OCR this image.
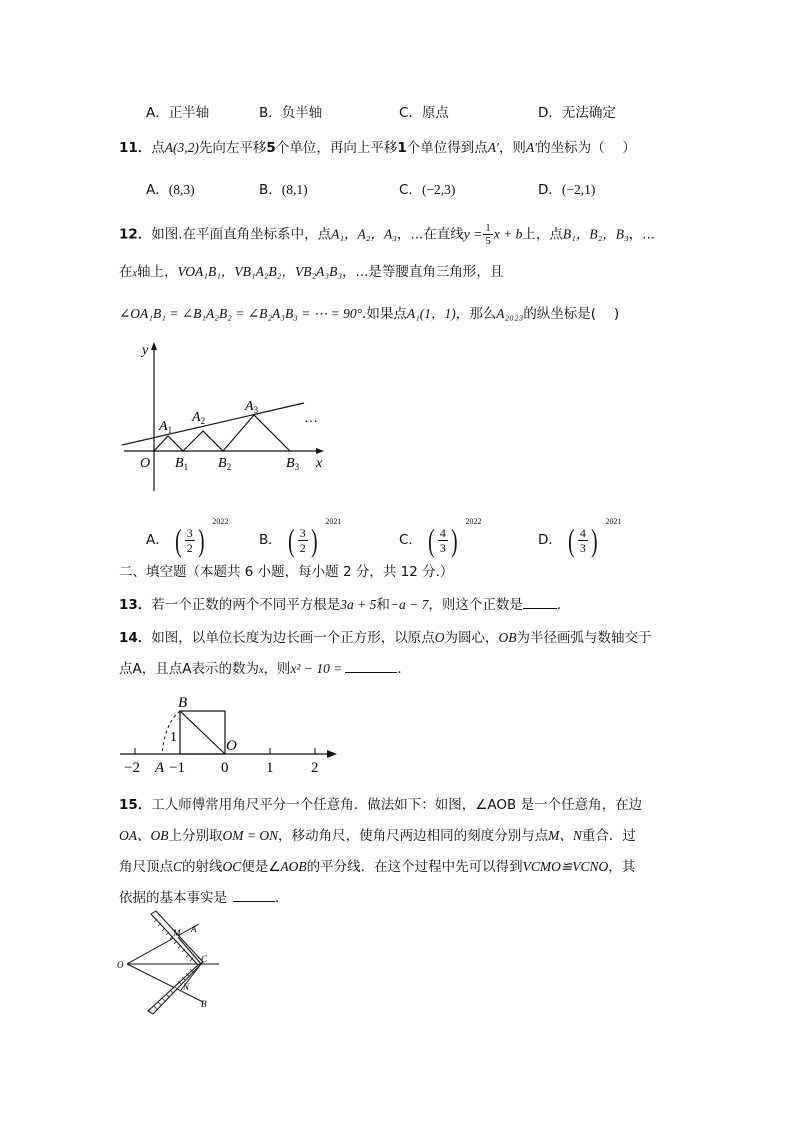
A．正半轴	B．负半轴	C．原点	D．无法确定
11．点A(3,2)先向左平移5个单位，再向上平移1个单位得到点A′，则A′的坐标为（　 ）
A．(8,3)	B．(8,1)	C．(−2,3)	D．(−2,1)
12．如图.在平面直角坐标系中，点A₁，A₂，A₃，...在直线$y = \frac{1}{5}$ x + b上，点B₁，B₂，B₃，...
在x轴上，VOA₁B₁，VB₁A₂B₂，VB₂A₃B₃，...是等腰直角三角形，且
∠OA₁B₁ = ∠B₁A₂B₂ = ∠B₂A₃B₃ = ⋯ = 90°.如果点A₁(1，1)，那么A₂₀₂₃的纵坐标是(　 )
y
x
O
$A_1$
$A_2$
$A_3$
$B_1$ $B_2$	$B_3$
…
A． ( $\frac{3}{2}$ )
2022
B． ( $\frac{3}{2}$ )
2021
C． ( $\frac{4}{3}$ )
2022
D． ( $\frac{4}{3}$ )
2021
二、填空题（本题共 6 小题，每小题 2 分，共 12 分.）
13．若一个正数的两个不同平方根是3a + 5和−a − 7，则这个正数是	．
14．如图，以单位长度为边长画一个正方形，以原点O为圆心，OB为半径画弧与数轴交于
点A，且点A表示的数为x，则x² − 10 =	．
B
1
O
A
−2 −1 0	1	2
15．工人师傅常用角尺平分一个任意角．做法如下：如图，∠AOB 是一个任意角，在边
OA、OB上分别取OM = ON，移动角尺，使角尺两边相同的刻度分别与点M、N重合．过
角尺顶点C的射线OC便是∠AOB的平分线．在这个过程中先可以得到VCMO≌VCNO，其
依据的基本事实是	．
M A
O
C
N
B
